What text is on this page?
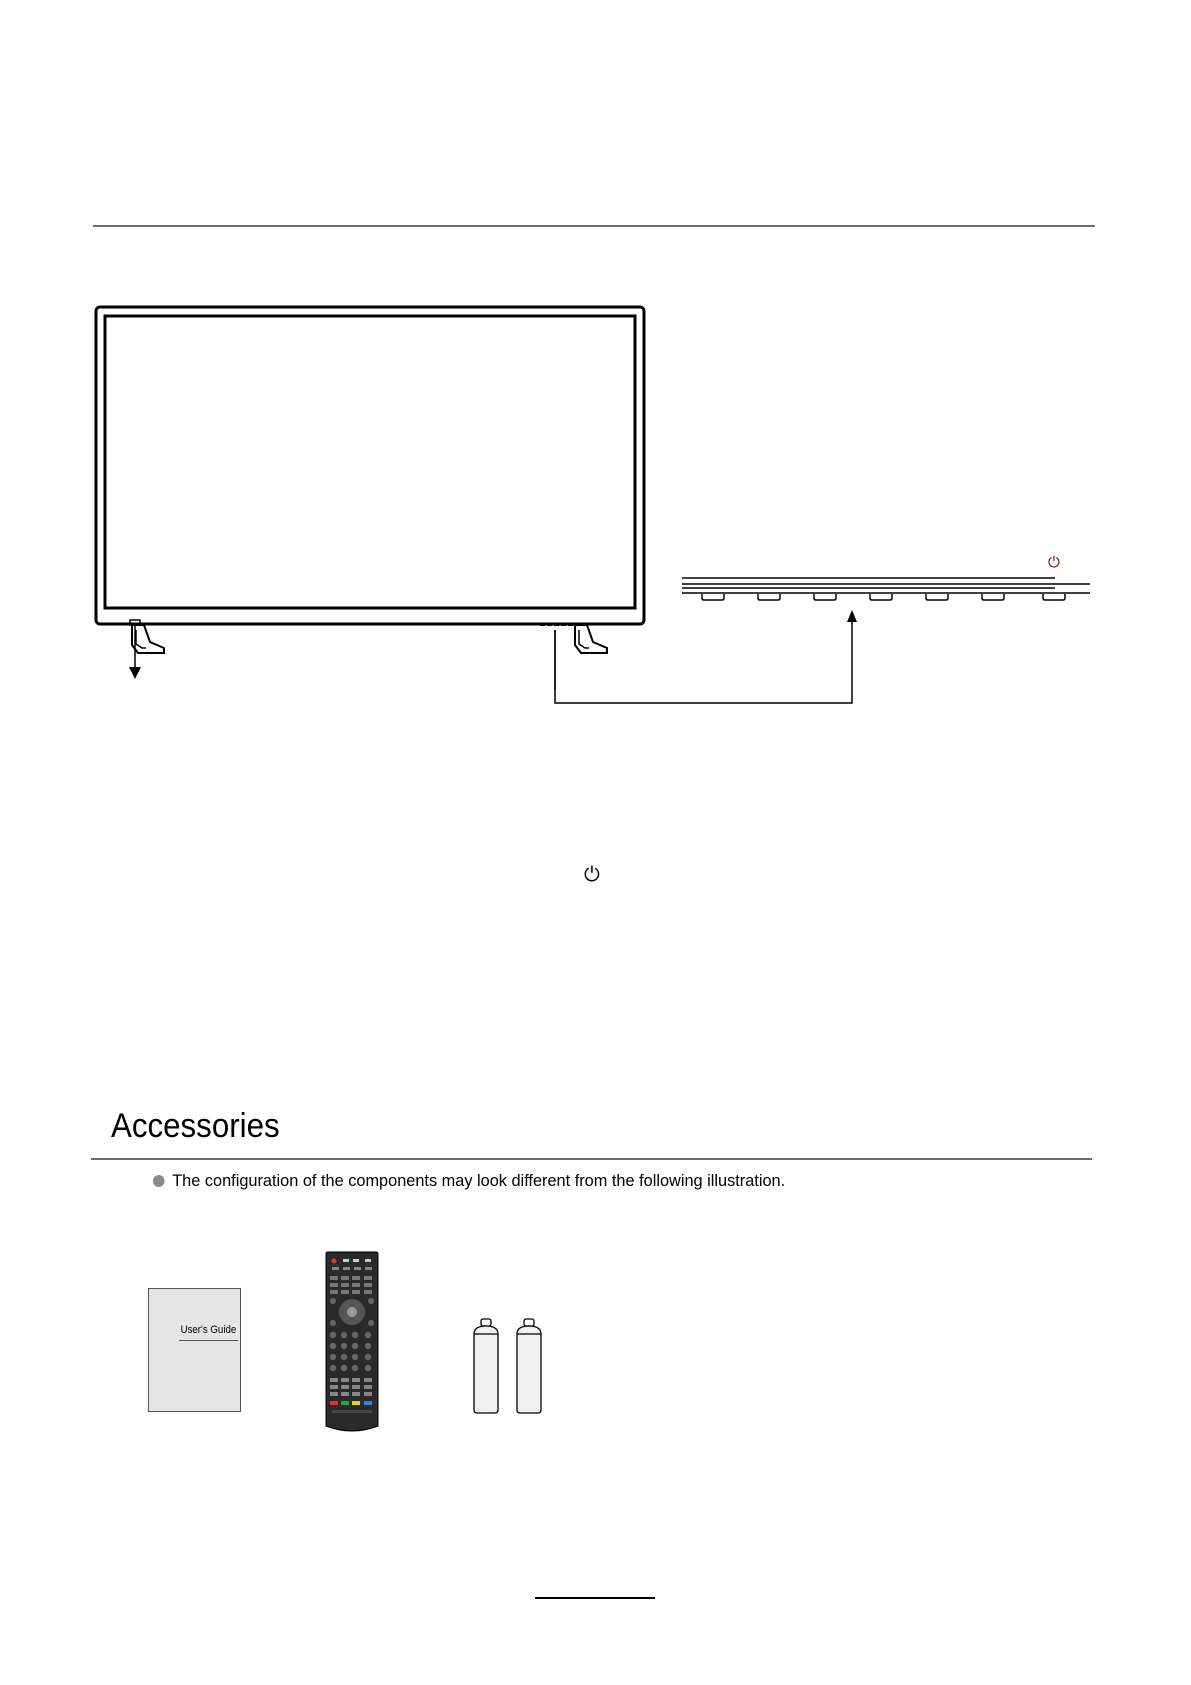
⏻
⏻
Accessories
The configuration of the components may look different from the following illustration.
User's Guide
